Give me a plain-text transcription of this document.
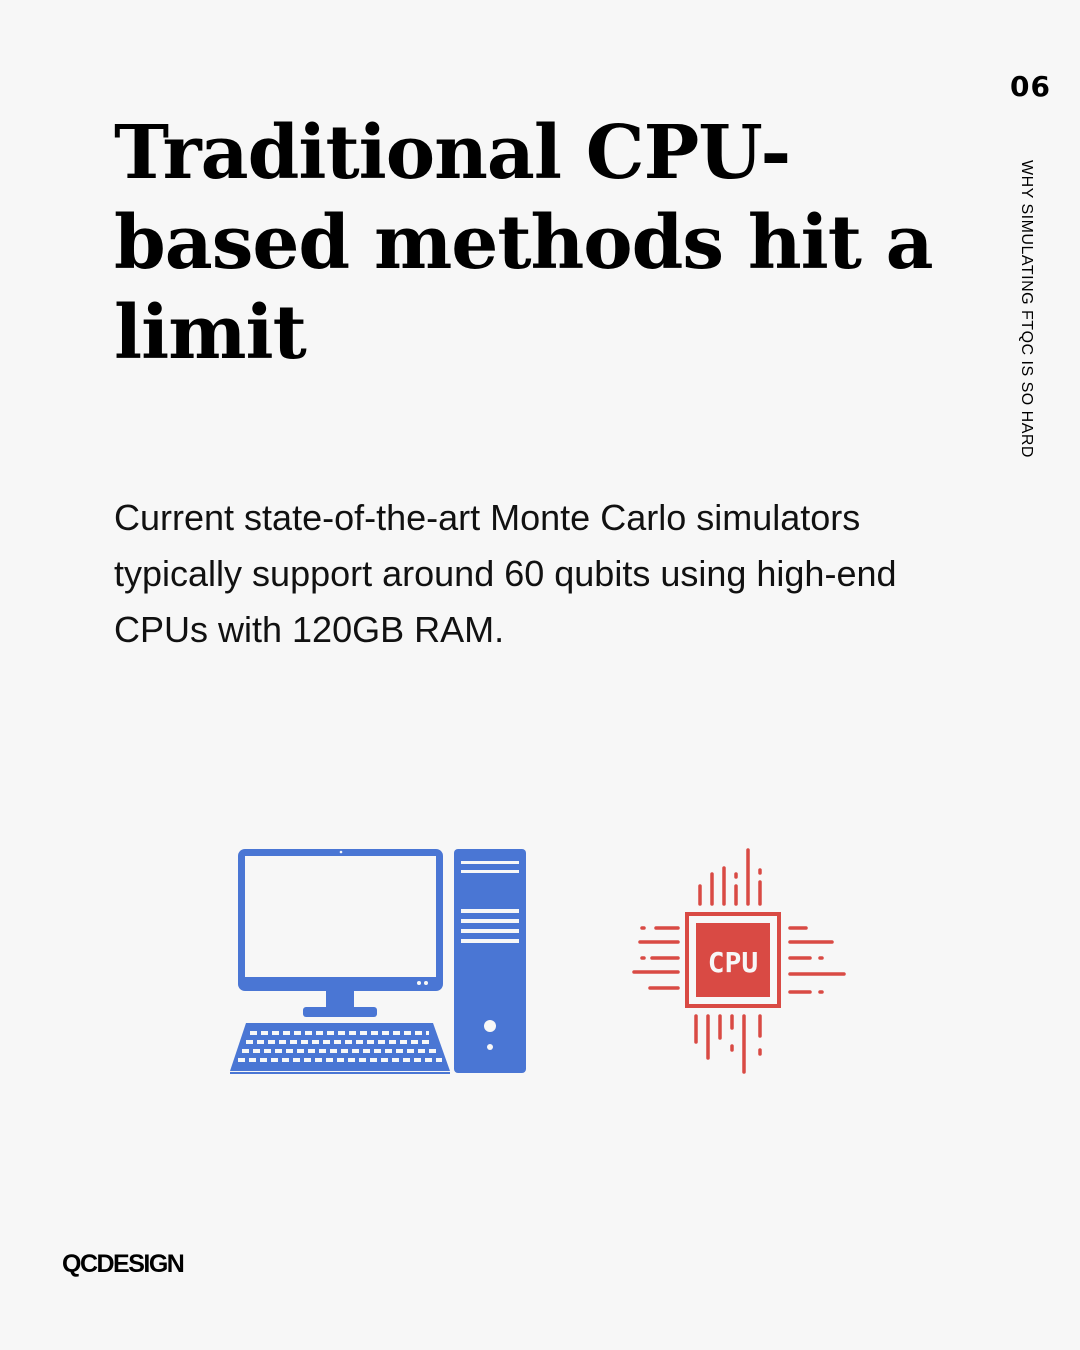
06
WHY SIMULATING FTQC IS SO HARD
Traditional CPU-based methods hit a limit

Current state-of-the-art Monte Carlo simulators typically support around 60 qubits using high-end CPUs with 120GB RAM.

CPU
QCDESIGN
